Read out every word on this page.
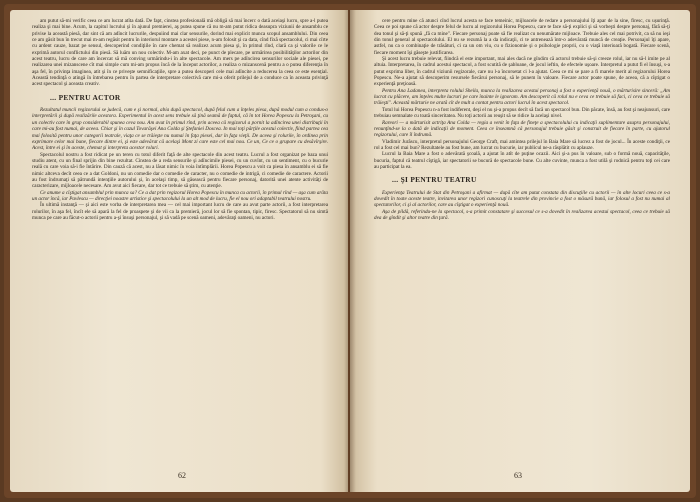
am putut să-mi verific ceea ce am lucrat atîta dată. De fapt, cinstea profesională mă obligă să mai încerc o dată aceiaşi lucru, spre a-l putea realiza şi mai bine. Acum, la capitul lucrului şi în ajunul premierei, aş putea spune că nu m-am putut ridica deasupra viziunii de ansamblu ce privise la această piesă, dar sint că am adîncit lucrurile, despuiind mai clar sensurile, dorind mai explicit munca scopul ansamblului. Din ceea ce am găsit bun în trecut mai m-am regăsit pentru în interiorul montare a acestei piese, n-am folosit şi ca data, cînd fixă spectacolul, ci mai cîrte cu ardent cauze, bazat pe sensul, descoperind condiţiile în care chemat să realizez acum piesa şi, în primul rînd, clară ca şi valorile ce le exprimă autorul conflictului din piesă. Să luăm un nou colectiv. M-am axat deci, pe punct de plecare, pe urmărirea posibilităţilor actorilor din acest teatru, lucru de care am încercat să mă conving urmărindu-i în alte spectacole. Am mers pe adîncirea sensurilor sociale ale piesei, pe realizarea unei mizanscene cît mai simple cum mi-am propus încă de la început actorilor, a realiza o mizanscenă pentru a o putea diferenţia în aşa fel, în privinţa imaginea, atit şi în ce priveşte semnificaţiile, spre a putea descoperi cele mai adîncite a reducerea la ceea ce este esenţial. Această tendinţă o atingă în întrebarea pentru în partea de interpretare colectivă care mi-a oferit prilejul de a conduce ca în aceasta privinţă acest spectacol şi aceasta creativ.

... PENTRU ACTOR

Rezultatul muncii regizorului se judecă, cum e şi normal, abia după spectacol, după felul cum a înţeles piesa, după modul cum a condus-o interpretării şi după realizările acestora. Experimentul în acest sens trebuie să ţină seamă de faptul, că în tot Horea Popescu la Petroşani, cu un colectiv care în grup considerabil spunea ceva nou. Am avut în primul rînd, prin aceea că regizorul a pornit la adîncirea unei distribuţii în care mi-au fost numai, de aceea. Chiar şi în cazul Tovarăşei Ana Colda şi Ştefaniei Doscea. In mai toţi părţile acestui colectiv, fiind partea cea mai folosită pentru unor categorii teatrale, viaţa ce se trăieşte nu numai în faţa piesei, dar în faţa vieţii. De aceea şi rolurile, în ordinea prin exprimare celor mai bune, fiecare dintre ei, şi este adevărat că acelaşi Mont zi care este cel mai nou. Ce un, Ce ce o grupare cu desăvîrşire. Acest, între ei şi în aceste, chemat şi interpreta acestor roluri.

Spectacolul nostru a fost ridicat pe un teren cu totul diferit faţă de alte spectacole din acest teatru. Lucrul a fost organizat pe baza unui studiu atent, cu un final sprijin din bine rezultat. Cinstea de a reda sensurile şi adîncimile piesei, cu un cuvînt, cu un sentiment, cu o bucurie reală cu care voia să-i fie întărire. Din cauză că acest, nu a lăsat nimic în voia întîmplării. Horea Popescu a voit ca piesa în ansamblu ei să fie nimic altceva decît ceea ce a dat Goldoni, nu un comedie dar o comedie de caracter, nu o comedie de intrigă, ci comedie de caractere. Actorii au fost îndrumaţi să pătrundă intenţiile autorului şi, în acelaşi timp, să găsească pentru fiecare personaj, datorită unei atente activităţi de caracterizare, mijloacele necesare. Am avut aici fiecare, dar tot ce trebuie să ştim, cu atenţie.

Ce anume a cîştigat ansamblul prin munca sa? Ce a dat prin regizorul Horea Popescu în munca cu actorii, în primul rînd — aşa cum arăta un actor încă, iar Pavlescu — direcţiei noastre artistice şi spectacolului la un alt mod de lucru, fie el nou ori adaptabil teatrului nostru.

În ultimă instanţă — şi aici este vorba de interpretarea mea — cel mai important lucru de care au avut parte actorii, a fost interpretarea rolurilor, în aşa fel, încît ele să apară la fel de proaspete şi de vii ca la premieră, jocul lor să fie spontan, tipic, firesc. Spectatorul să nu simtă munca pe care au făcut-o actorii pentru a-şi însuşi personajul, şi să vadă pe scenă oameni, adevăraţi oameni, nu actori.

62

cere pentru mine că atunci cînd lucrul acesta se face temeinic, mijloacele de redare a personajului îţi apar de la sine, firesc, cu ușurinţă. Ceea ce poi spune că actor despre felul de lucru al regizorului Horea Popescu, care te face să-ţi explici şi să vorbeşti despre personaj, fără să-ţi dea tonul şi să-ţi spună „fă ca mine". Fiecare personaj poate să fie realizat cu nenumărate mijloace. Trebuie ales cel mai potrivit, ca să nu ieşi din tonul general al spectacolului. El nu se rezumă la a da indicaţii, ci te antrenează într-o adevărată muncă de creaţie. Personajul îţi apare, astfel, nu ca o combinaţie de trăsături, ci ca un om viu, cu o fizionomie şi o psihologie proprii, cu o viaţă interioară bogată. Fiecare scenă, fiecare moment îşi găseşte justificarea.

Şi acest lucru trebuie relevat, fiindcă el este important, mai ales dacă ne gîndim că actorul trebuie să-şi creeze rolul, iar nu să-l imite pe al altuia. Interpretarea, în cadrul acestui spectacol, a fost scutită de şabloane, de jocul ieftin, de efectele uşoare. Interpretul a putut fi el însuşi, s-a putut exprima liber, în cadrul viziunii regizorale, care nu l-a încorsetat ci l-a ajutat. Ceea ce mi se pare a fi marele merit al regizorului Horea Popescu. Ne-a ajutat să descoperim resursele fiecărui personaj, să le punem în valoare. Fiecare actor poate spune, de aceea, că a cîştigat o experienţă preţioasă.

Pentru Ana Ladanea, interpreta rolului Sheila, munca la realizarea acestui personaj a fost o experienţă nouă, o mărturisire sinceră: „Am lucrat cu plăcere, am înţeles multe lucruri pe care înainte le ignoram. Am descoperit că rolul nu e ceva ce trebuie să faci, ci ceva ce trebuie să trăieşti". Această mărturie ne arată cît de mult a contat pentru actori lucrul în acest spectacol.

Totul lui Horea Popescu n-a fost indiferent, deşi el nu şi-a propus decît să facă un spectacol bun. Din păcate, însă, au fost şi neajunsuri, care trebuiau semnalate cu toată sinceritatea. Nu toţi actorii au reuşit să se ridice la acelaşi nivel.

Rareori — a mărturisit actriţa Ana Colda — regia a venit în faţa de fineţe a spectacolului cu indicaţii suplimentare asupra personajului, renunţînd-se la o dată de indicaţii de moment. Ceea ce înseamnă că personajul trebuie găsit şi construit de fiecare în parte, cu ajutorul regizorului, care îl îndrumă.

Vladimir Jurăscu, interpretul personajului George Craft, mai amintea prilejul în Baia Mare să lucrez a fost de jocul... În aceste condiţii, ce rol a fost cel mai bun? Rezultatele au fost bune, am lucrat cu bucurie, iar publicul ne-a răsplătit cu aplauze.

Lucrul la Baia Mare a fost o adevărată şcoală, a ajutat în atît de puţine ocazii. Aici şi-a pus în valoare, sub o formă nouă, capacităţile, bucuria, faptul că teatrul cîştigă, iar spectatorii se bucură de spectacole bune. Cu alte cuvinte, munca a fost utilă şi rodnică pentru toţi cei care au participat la ea.

... ŞI PENTRU TEATRU

Experienţa Teatrului de Stat din Petroşani a afirmat — după cîte am putut constata din discuţiile cu actorii — în alte locuri ceea ce s-a dovedit în toate aceste teatre, invitarea unor regizori cunoscuţi la teatrele din provincie a fost o măsură bună, iar folosul a fost nu numai al spectatorilor, ci şi al actorilor, care au cîştigat o experienţă nouă.

Aşa de pildă, referindu-ne la spectacol, s-a primit constatare şi succesul ce s-a dovedit în realizarea acestui spectacol, ceea ce trebuie să dea de gîndit şi altor teatre din ţară.

63
